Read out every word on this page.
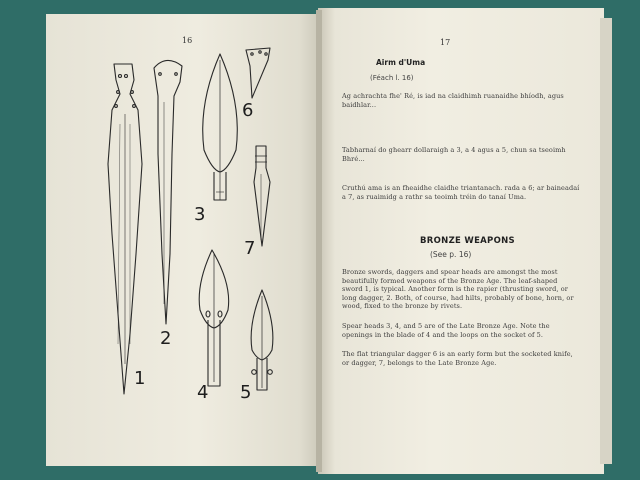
16	17
1
2
3
4 5
6
7
Airm d'Uma
(Féach l. 16)

Ag achrachta fhe' Ré, is iad na claidhimh ruanaidhe bhíodh, agus baidhlar...

Tabharnaí do ghearr dollaraigh a 3, a 4 agus a 5, chun sa tseoimh Bhré...

Cruthú ama is an fheaidhe claidhe triantanach. rada a 6; ar baineadaí a 7, as ruaimidg a rathr sa teoimh tréin do tanaí Uma.

BRONZE WEAPONS
(See p. 16)

Bronze swords, daggers and spear heads are amongst the most beautifully formed weapons of the Bronze Age. The leaf-shaped sword 1, is typical. Another form is the rapier (thrusting sword, or long dagger, 2. Both, of course, had hilts, probably of bone, horn, or wood, fixed to the bronze by rivets.

Spear heads 3, 4, and 5 are of the Late Bronze Age. Note the openings in the blade of 4 and the loops on the socket of 5.

The flat triangular dagger 6 is an early form but the socketed knife, or dagger, 7, belongs to the Late Bronze Age.
